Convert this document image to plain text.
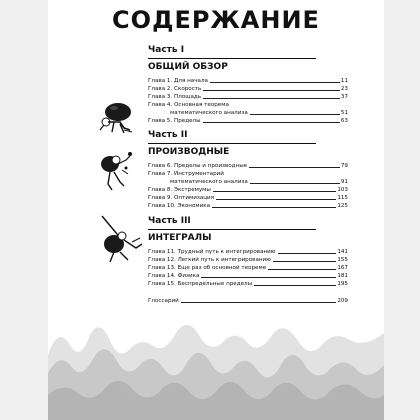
СОДЕРЖАНИЕ
Часть I
ОБЩИЙ ОБЗОР
Глава 1. Для начала	11
Глава 2. Скорость	23
Глава 3. Площадь	37
Глава 4. Основная теорема
математического анализа	51
Глава 5. Пределы	63
Часть II
ПРОИЗВОДНЫЕ
Глава 6. Пределы и производные	79
Глава 7. Инструментарий
математического анализа	91
Глава 8. Экстремумы	103
Глава 9. Оптимизация	115
Глава 10. Экономика	125
Часть III
ИНТЕГРАЛЫ
Глава 11. Трудный путь к интегрированию	141
Глава 12. Легкий путь к интегрированию	155
Глава 13. Еще раз об основной теореме	167
Глава 14. Физика	181
Глава 15. Беспредельные пределы	195
Глоссарий	209
